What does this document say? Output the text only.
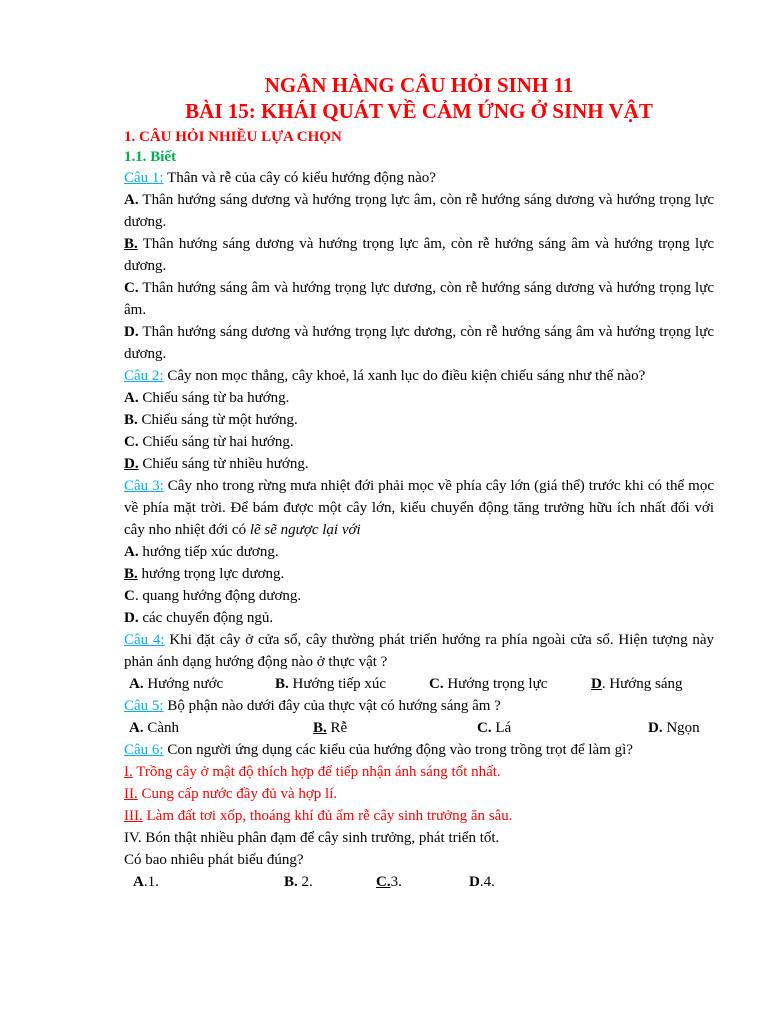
NGÂN HÀNG CÂU HỎI SINH 11

BÀI 15: KHÁI QUÁT VỀ CẢM ỨNG Ở SINH VẬT

1. CÂU HỎI NHIỀU LỰA CHỌN

1.1. Biết

Câu 1: Thân và rễ của cây có kiểu hướng động nào?

A. Thân hướng sáng dương và hướng trọng lực âm, còn rễ hướng sáng dương và hướng trọng lực dương.

B. Thân hướng sáng dương và hướng trọng lực âm, còn rễ hướng sáng âm và hướng trọng lực dương.

C. Thân hướng sáng âm và hướng trọng lực dương, còn rễ hướng sáng dương và hướng trọng lực âm.

D. Thân hướng sáng dương và hướng trọng lực dương, còn rễ hướng sáng âm và hướng trọng lực dương.

Câu 2: Cây non mọc thẳng, cây khoẻ, lá xanh lục do điều kiện chiếu sáng như thế nào?

A. Chiếu sáng từ ba hướng.

B. Chiếu sáng từ một hướng.

C. Chiếu sáng từ hai hướng.

D. Chiếu sáng từ nhiều hướng.

Câu 3: Cây nho trong rừng mưa nhiệt đới phải mọc về phía cây lớn (giá thể) trước khi có thể mọc về phía mặt trời. Để bám được một cây lớn, kiểu chuyển động tăng trưởng hữu ích nhất đối với cây nho nhiệt đới có lẽ sẽ ngược lại với

A. hướng tiếp xúc dương.

B. hướng trọng lực dương.

C. quang hướng động dương.

D. các chuyển động ngủ.

Câu 4: Khi đặt cây ở cửa sổ, cây thường phát triển hướng ra phía ngoài cửa sổ. Hiện tượng này phản ánh dạng hướng động nào ở thực vật ?

A. Hướng nước	B. Hướng tiếp xúc	C. Hướng trọng lực	D. Hướng sáng

Câu 5: Bộ phận nào dưới đây của thực vật có hướng sáng âm ?

A. Cành	B. Rễ	C. Lá	D. Ngọn

Câu 6: Con người ứng dụng các kiểu của hướng động vào trong trồng trọt để làm gì?

I. Trồng cây ở mật độ thích hợp để tiếp nhận ánh sáng tốt nhất.

II. Cung cấp nước đầy đủ và hợp lí.

III. Làm đất tơi xốp, thoáng khí đủ ẩm rễ cây sinh trưởng ăn sâu.

IV. Bón thật nhiều phân đạm để cây sinh trưởng, phát triển tốt.

Có bao nhiêu phát biểu đúng?

A.1.	B. 2.	C.3.	D.4.
